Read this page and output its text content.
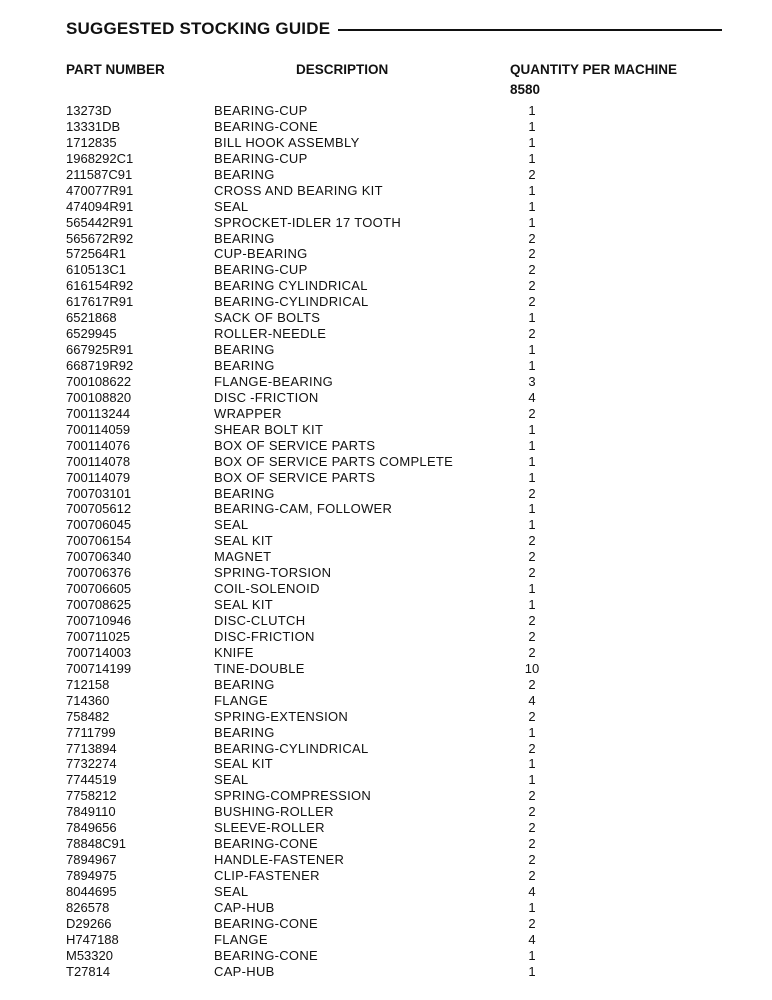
SUGGESTED STOCKING GUIDE
PART NUMBER	DESCRIPTION	QUANTITY PER MACHINE
8580
13273D	BEARING-CUP	1
13331DB	BEARING-CONE	1
1712835	BILL HOOK ASSEMBLY	1
1968292C1	BEARING-CUP	1
211587C91	BEARING	2
470077R91	CROSS AND BEARING KIT	1
474094R91	SEAL	1
565442R91	SPROCKET-IDLER 17 TOOTH	1
565672R92	BEARING	2
572564R1	CUP-BEARING	2
610513C1	BEARING-CUP	2
616154R92	BEARING CYLINDRICAL	2
617617R91	BEARING-CYLINDRICAL	2
6521868	SACK OF BOLTS	1
6529945	ROLLER-NEEDLE	2
667925R91	BEARING	1
668719R92	BEARING	1
700108622	FLANGE-BEARING	3
700108820	DISC -FRICTION	4
700113244	WRAPPER	2
700114059	SHEAR BOLT KIT	1
700114076	BOX OF SERVICE PARTS	1
700114078	BOX OF SERVICE PARTS COMPLETE	1
700114079	BOX OF SERVICE PARTS	1
700703101	BEARING	2
700705612	BEARING-CAM, FOLLOWER	1
700706045	SEAL	1
700706154	SEAL KIT	2
700706340	MAGNET	2
700706376	SPRING-TORSION	2
700706605	COIL-SOLENOID	1
700708625	SEAL KIT	1
700710946	DISC-CLUTCH	2
700711025	DISC-FRICTION	2
700714003	KNIFE	2
700714199	TINE-DOUBLE	10
712158	BEARING	2
714360	FLANGE	4
758482	SPRING-EXTENSION	2
7711799	BEARING	1
7713894	BEARING-CYLINDRICAL	2
7732274	SEAL KIT	1
7744519	SEAL	1
7758212	SPRING-COMPRESSION	2
7849110	BUSHING-ROLLER	2
7849656	SLEEVE-ROLLER	2
78848C91	BEARING-CONE	2
7894967	HANDLE-FASTENER	2
7894975	CLIP-FASTENER	2
8044695	SEAL	4
826578	CAP-HUB	1
D29266	BEARING-CONE	2
H747188	FLANGE	4
M53320	BEARING-CONE	1
T27814	CAP-HUB	1
